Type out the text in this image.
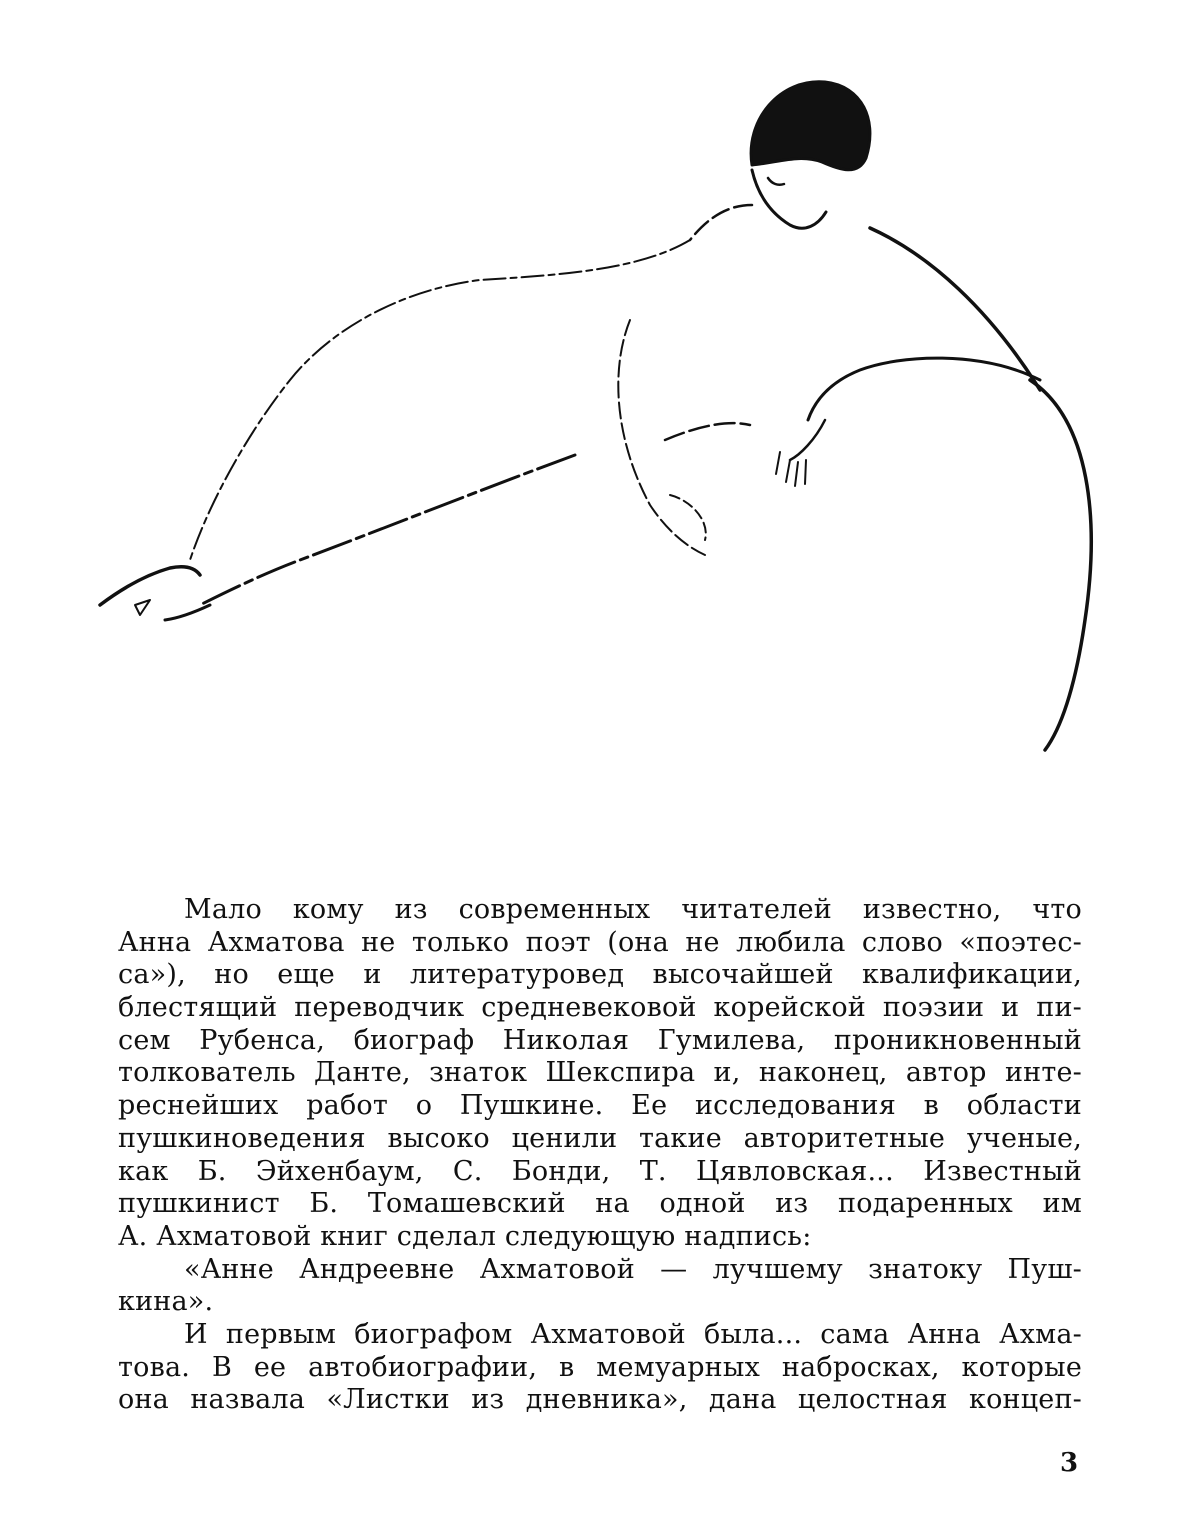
Мало кому из современных читателей известно, что
Анна Ахматова не только поэт (она не любила слово «поэтес-
са»), но еще и литературовед высочайшей квалификации,
блестящий переводчик средневековой корейской поэзии и пи-
сем Рубенса, биограф Николая Гумилева, проникновенный
толкователь Данте, знаток Шекспира и, наконец, автор инте-
реснейших работ о Пушкине. Ее исследования в области
пушкиноведения высоко ценили такие авторитетные ученые,
как Б. Эйхенбаум, С. Бонди, Т. Цявловская... Известный
пушкинист Б. Томашевский на одной из подаренных им
А. Ахматовой книг сделал следующую надпись:
«Анне Андреевне Ахматовой — лучшему знатоку Пуш-
кина».
И первым биографом Ахматовой была... сама Анна Ахма-
това. В ее автобиографии, в мемуарных набросках, которые
она назвала «Листки из дневника», дана целостная концеп-
3
